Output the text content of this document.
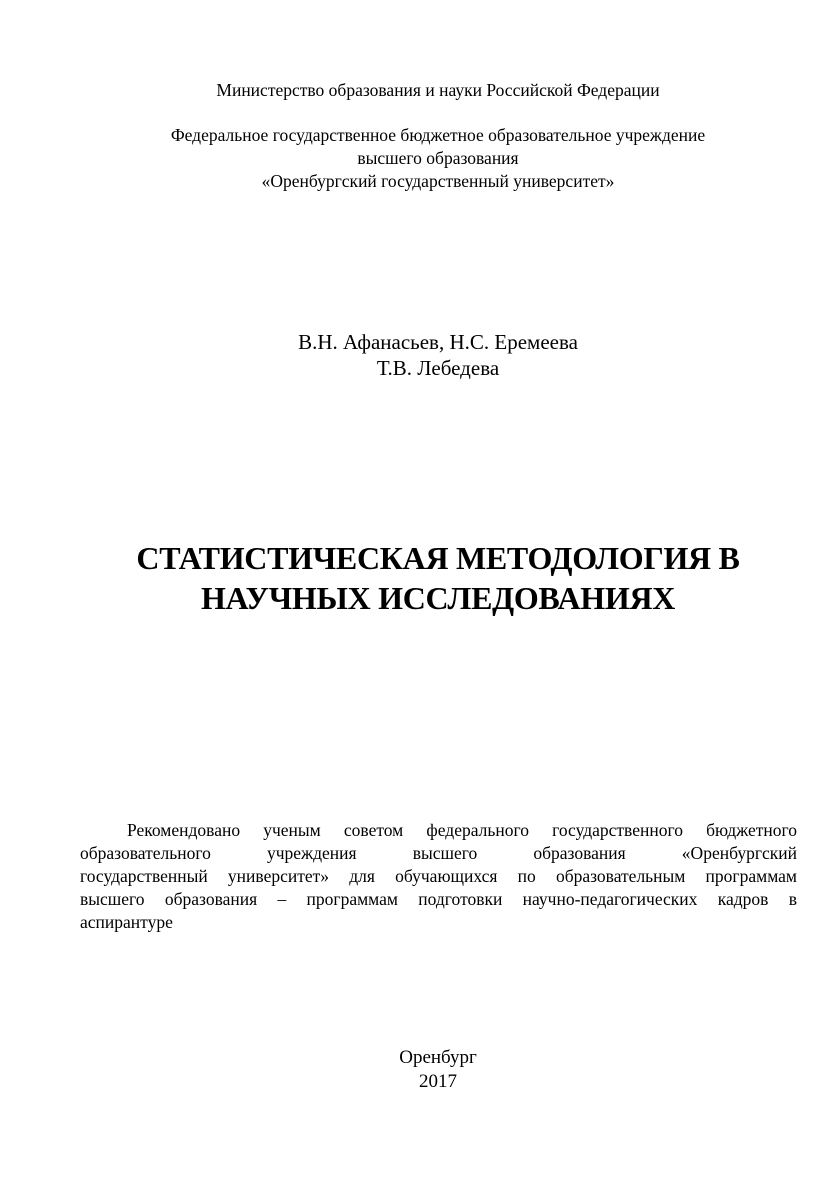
Министерство образования и науки Российской Федерации
Федеральное государственное бюджетное образовательное учреждение
высшего образования
«Оренбургский государственный университет»
В.Н. Афанасьев, Н.С. Еремеева
Т.В. Лебедева
СТАТИСТИЧЕСКАЯ МЕТОДОЛОГИЯ В
НАУЧНЫХ ИССЛЕДОВАНИЯХ
Рекомендовано ученым советом федерального государственного бюджетного
образовательного учреждения высшего образования «Оренбургский
государственный университет» для обучающихся по образовательным программам
высшего образования – программам подготовки научно-педагогических кадров в
аспирантуре
Оренбург
2017
